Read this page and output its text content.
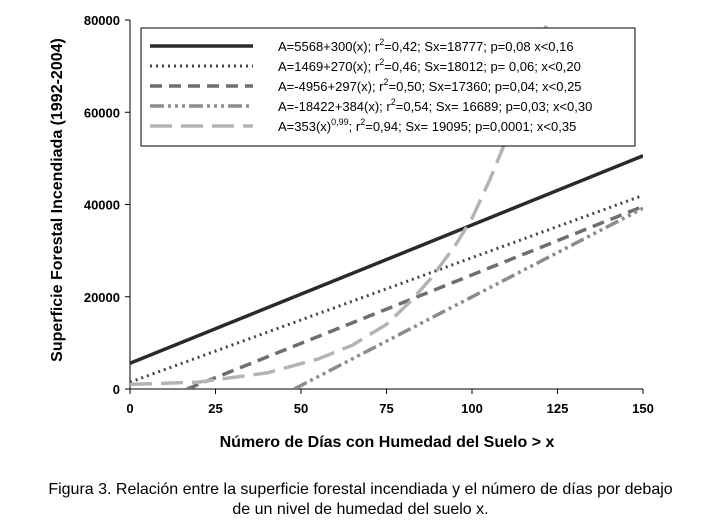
0
20000
40000
60000
80000
0	25	50	75	100	125	150
A=5568+300(x); $r^2=0,42$; Sx=18777; p=0,08 x<0,16
A=1469+270(x); $r^2=0,46$; Sx=18012; p= 0,06; x<0,20
A=-4956+297(x); $r^2=0,50$; Sx=17360; p=0,04; x<0,25
A=-18422+384(x); $r^2=0,54$; Sx= 16689; p=0,03; x<0,30
$A=353(x)^{0,99}$; $r^2=0,94$; Sx= 19095; p=0,0001; x<0,35
Número de Días con Humedad del Suelo > x
Superficie Forestal Incendiada (1992-2004)
Figura 3. Relación entre la superficie forestal incendiada y el número de días por debajo
de un nivel de humedad del suelo x.
